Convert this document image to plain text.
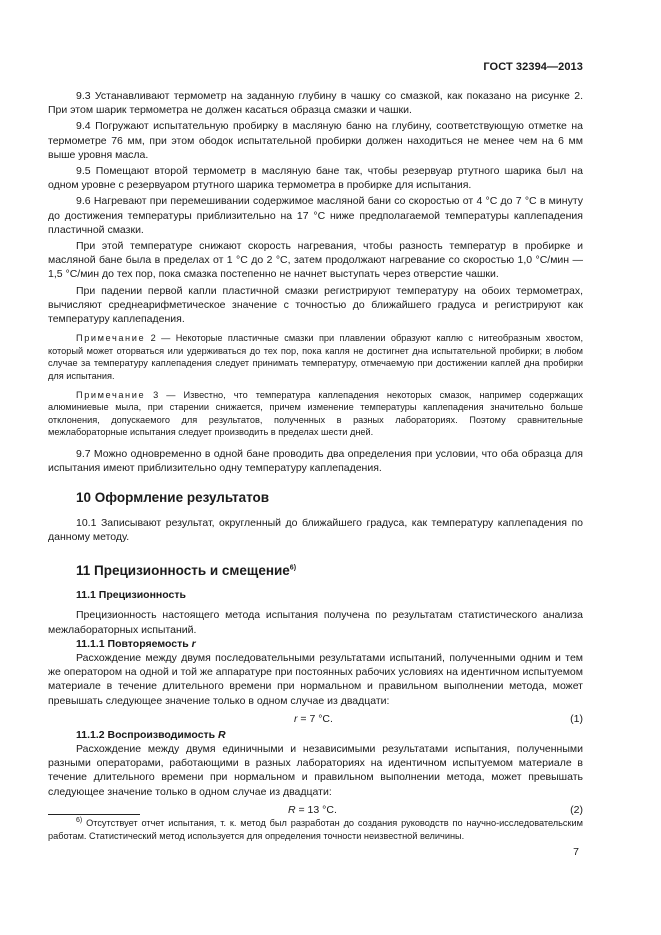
ГОСТ 32394—2013

9.3 Устанавливают термометр на заданную глубину в чашку со смазкой, как показано на рисунке 2. При этом шарик термометра не должен касаться образца смазки и чашки.

9.4 Погружают испытательную пробирку в масляную баню на глубину, соответствующую отметке на термометре 76 мм, при этом ободок испытательной пробирки должен находиться не менее чем на 6 мм выше уровня масла.

9.5 Помещают второй термометр в масляную бане так, чтобы резервуар ртутного шарика был на одном уровне с резервуаром ртутного шарика термометра в пробирке для испытания.

9.6 Нагревают при перемешивании содержимое масляной бани со скоростью от 4 °С до 7 °С в минуту до достижения температуры приблизительно на 17 °С ниже предполагаемой температуры каплепадения пластичной смазки.

При этой температуре снижают скорость нагревания, чтобы разность температур в пробирке и масляной бане была в пределах от 1 °С до 2 °С, затем продолжают нагревание со скоростью 1,0 °С/мин — 1,5 °С/мин до тех пор, пока смазка постепенно не начнет выступать через отверстие чашки.

При падении первой капли пластичной смазки регистрируют температуру на обоих термометрах, вычисляют среднеарифметическое значение с точностью до ближайшего градуса и регистрируют как температуру каплепадения.

Примечание 2 — Некоторые пластичные смазки при плавлении образуют каплю с нитеобразным хвостом, который может оторваться или удерживаться до тех пор, пока капля не достигнет дна испытательной пробирки; в любом случае за температуру каплепадения следует принимать температуру, отмечаемую при достижении каплей дна пробирки для испытания.

Примечание 3 — Известно, что температура каплепадения некоторых смазок, например содержащих алюминиевые мыла, при старении снижается, причем изменение температуры каплепадения значительно больше отклонения, допускаемого для результатов, полученных в разных лабораториях. Поэтому сравнительные межлабораторные испытания следует производить в пределах шести дней.

9.7 Можно одновременно в одной бане проводить два определения при условии, что оба образца для испытания имеют приблизительно одну температуру каплепадения.

10 Оформление результатов

10.1 Записывают результат, округленный до ближайшего градуса, как температуру каплепадения по данному методу.

11 Прецизионность и смещение$^{6)}$
11.1 Прецизионность

Прецизионность настоящего метода испытания получена по результатам статистического анализа межлабораторных испытаний.

11.1.1 Повторяемость r

Расхождение между двумя последовательными результатами испытаний, полученными одним и тем же оператором на одной и той же аппаратуре при постоянных рабочих условиях на идентичном испытуемом материале в течение длительного времени при нормальном и правильном выполнении метода, может превышать следующее значение только в одном случае из двадцати:

r = 7 °С.	(1)
11.1.2 Воспроизводимость R

Расхождение между двумя единичными и независимыми результатами испытания, полученными разными операторами, работающими в разных лабораториях на идентичном испытуемом материале в течение длительного времени при нормальном и правильном выполнении метода, может превышать следующее значение только в одном случае из двадцати:

R = 13 °С.	(2)
$^{6)}$ Отсутствует отчет испытания, т. к. метод был разработан до создания руководств по научно-исследовательским работам. Статистический метод используется для определения точности неизвестной величины.
7
